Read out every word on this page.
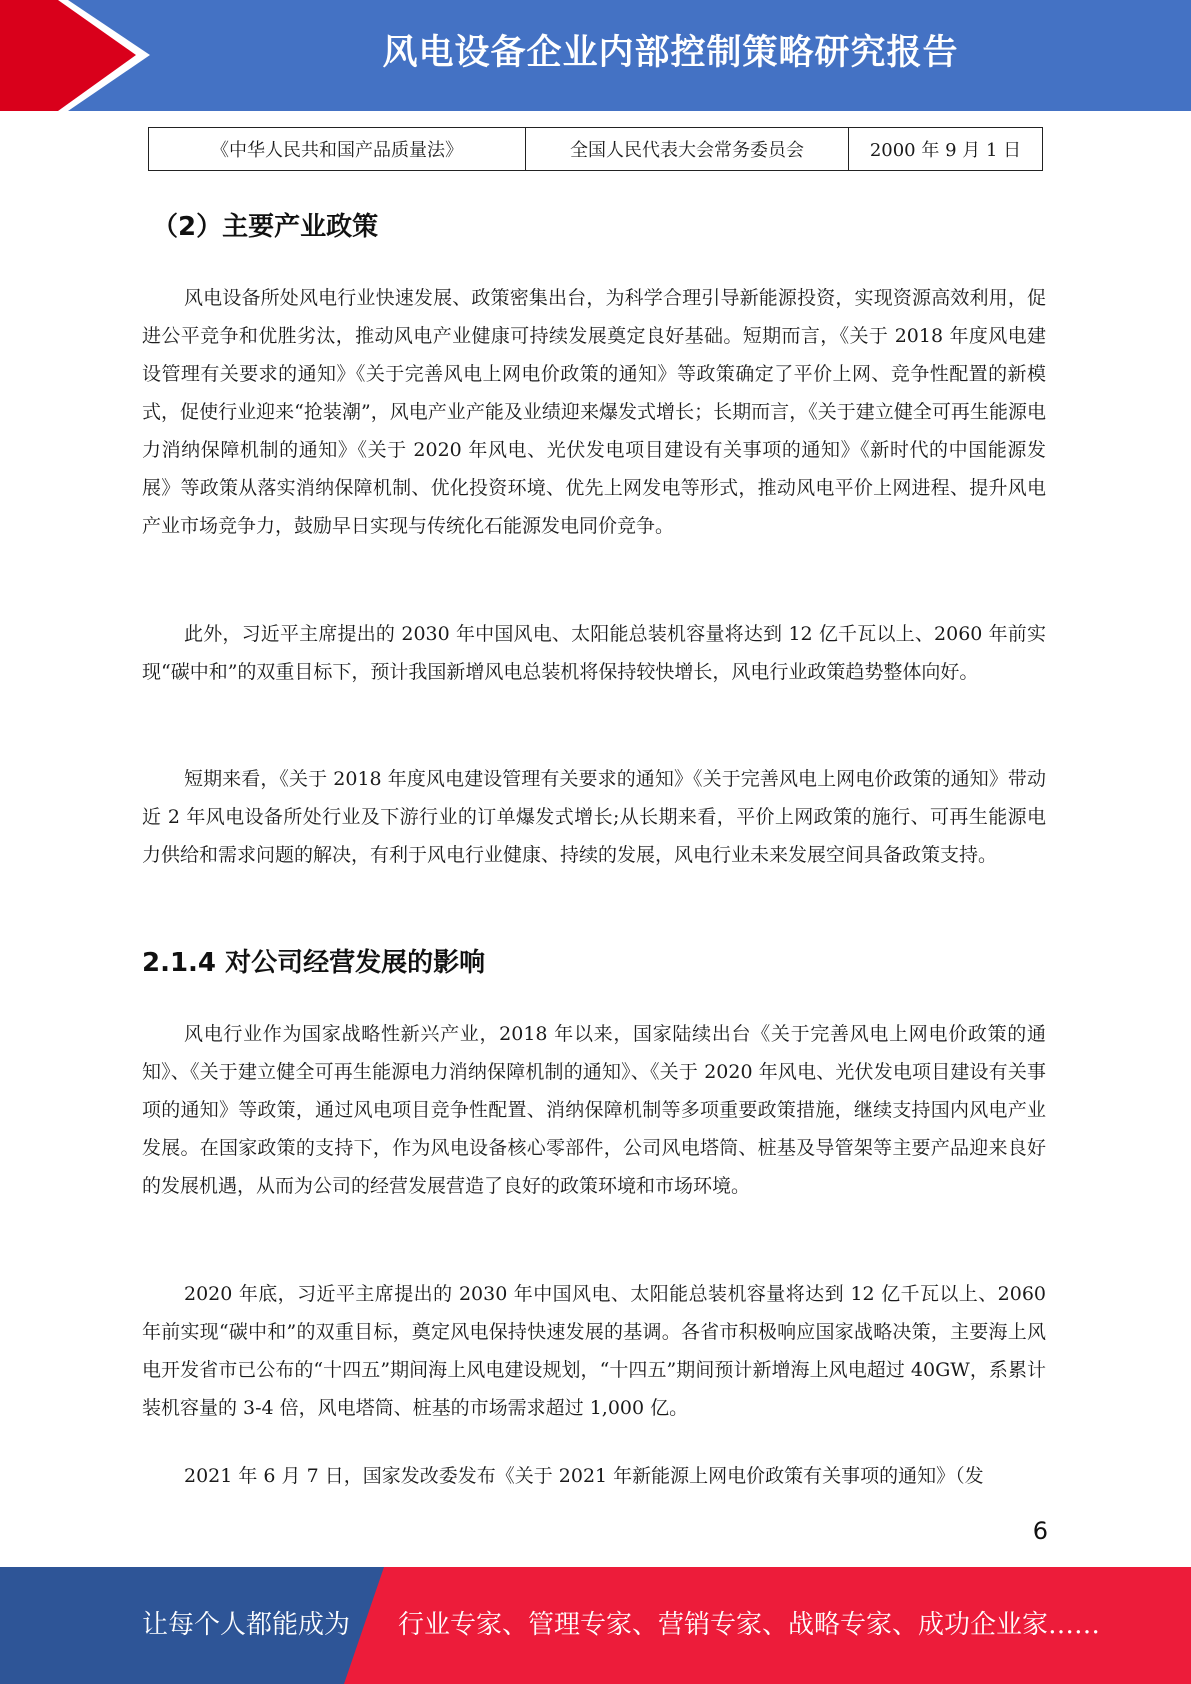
风电设备企业内部控制策略研究报告
《中华人民共和国产品质量法》	全国人民代表大会常务委员会	2000 年 9 月 1 日
（2）主要产业政策

风电设备所处风电行业快速发展、政策密集出台，为科学合理引导新能源投资，实现资源高效利用，促进公平竞争和优胜劣汰，推动风电产业健康可持续发展奠定良好基础。短期而言，《关于 2018 年度风电建设管理有关要求的通知》《关于完善风电上网电价政策的通知》等政策确定了平价上网、竞争性配置的新模式，促使行业迎来“抢装潮”，风电产业产能及业绩迎来爆发式增长；长期而言，《关于建立健全可再生能源电力消纳保障机制的通知》《关于 2020 年风电、光伏发电项目建设有关事项的通知》《新时代的中国能源发展》等政策从落实消纳保障机制、优化投资环境、优先上网发电等形式，推动风电平价上网进程、提升风电产业市场竞争力，鼓励早日实现与传统化石能源发电同价竞争。

此外，习近平主席提出的 2030 年中国风电、太阳能总装机容量将达到 12 亿千瓦以上、2060 年前实现“碳中和”的双重目标下，预计我国新增风电总装机将保持较快增长，风电行业政策趋势整体向好。

短期来看，《关于 2018 年度风电建设管理有关要求的通知》《关于完善风电上网电价政策的通知》带动近 2 年风电设备所处行业及下游行业的订单爆发式增长;从长期来看，平价上网政策的施行、可再生能源电力供给和需求问题的解决，有利于风电行业健康、持续的发展，风电行业未来发展空间具备政策支持。

2.1.4 对公司经营发展的影响

风电行业作为国家战略性新兴产业，2018 年以来，国家陆续出台《关于完善风电上网电价政策的通知》、《关于建立健全可再生能源电力消纳保障机制的通知》、《关于 2020 年风电、光伏发电项目建设有关事项的通知》等政策，通过风电项目竞争性配置、消纳保障机制等多项重要政策措施，继续支持国内风电产业发展。在国家政策的支持下，作为风电设备核心零部件，公司风电塔筒、桩基及导管架等主要产品迎来良好的发展机遇，从而为公司的经营发展营造了良好的政策环境和市场环境。

2020 年底，习近平主席提出的 2030 年中国风电、太阳能总装机容量将达到 12 亿千瓦以上、2060 年前实现“碳中和”的双重目标，奠定风电保持快速发展的基调。各省市积极响应国家战略决策，主要海上风电开发省市已公布的“十四五”期间海上风电建设规划，“十四五”期间预计新增海上风电超过 40GW，系累计装机容量的 3-4 倍，风电塔筒、桩基的市场需求超过 1,000 亿。

2021 年 6 月 7 日，国家发改委发布《关于 2021 年新能源上网电价政策有关事项的通知》（发

6
让每个人都能成为 行业专家、管理专家、营销专家、战略专家、成功企业家……
